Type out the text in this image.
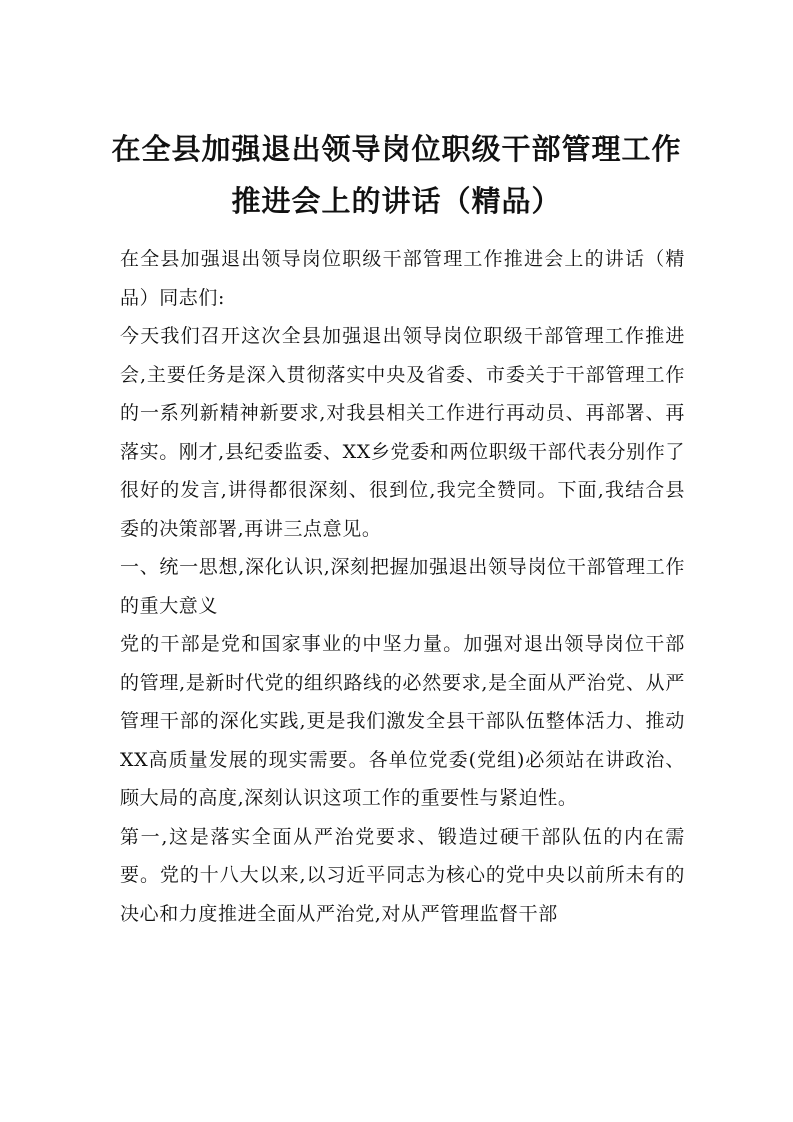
在全县加强退出领导岗位职级干部管理工作推进会上的讲话（精品）

在全县加强退出领导岗位职级干部管理工作推进会上的讲话（精品）同志们:

今天我们召开这次全县加强退出领导岗位职级干部管理工作推进会,主要任务是深入贯彻落实中央及省委、市委关于干部管理工作的一系列新精神新要求,对我县相关工作进行再动员、再部署、再落实。刚才,县纪委监委、XX乡党委和两位职级干部代表分别作了很好的发言,讲得都很深刻、很到位,我完全赞同。下面,我结合县委的决策部署,再讲三点意见。

一、统一思想,深化认识,深刻把握加强退出领导岗位干部管理工作的重大意义

党的干部是党和国家事业的中坚力量。加强对退出领导岗位干部的管理,是新时代党的组织路线的必然要求,是全面从严治党、从严管理干部的深化实践,更是我们激发全县干部队伍整体活力、推动XX高质量发展的现实需要。各单位党委(党组)必须站在讲政治、顾大局的高度,深刻认识这项工作的重要性与紧迫性。

第一,这是落实全面从严治党要求、锻造过硬干部队伍的内在需要。党的十八大以来,以习近平同志为核心的党中央以前所未有的决心和力度推进全面从严治党,对从严管理监督干部
